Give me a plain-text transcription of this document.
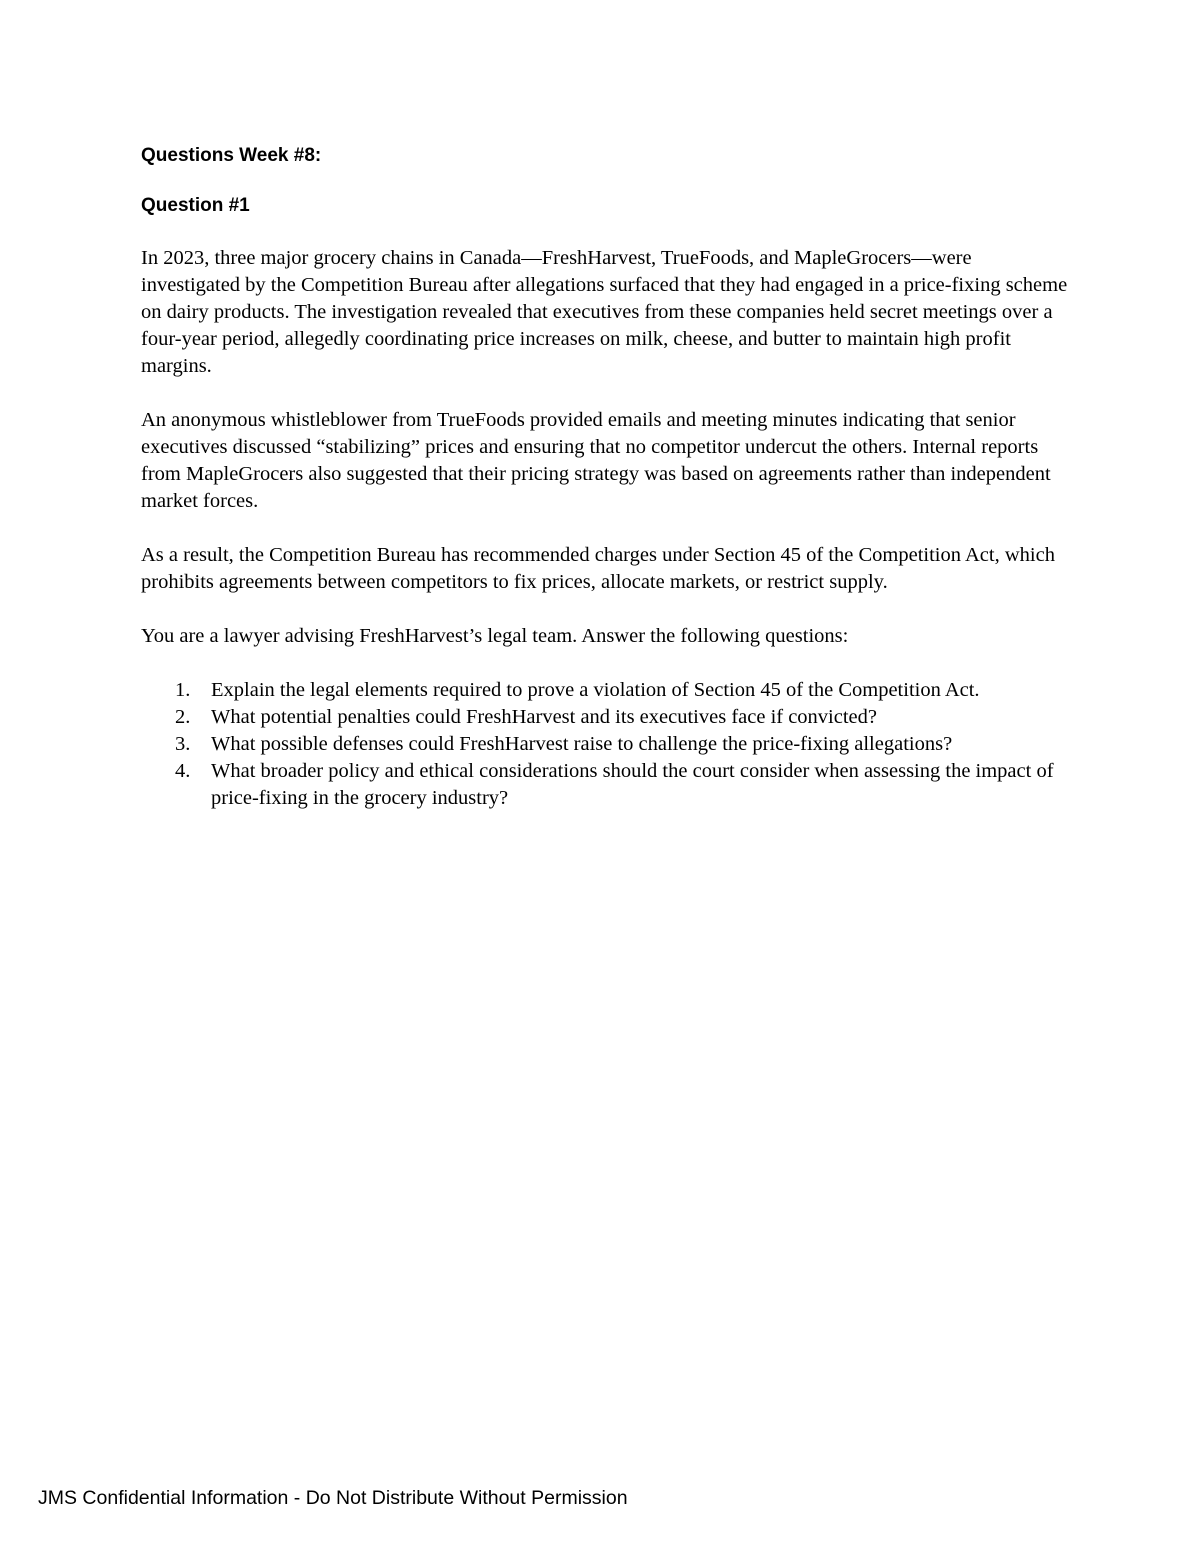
Questions Week #8:

Question #1

In 2023, three major grocery chains in Canada—FreshHarvest, TrueFoods, and MapleGrocers—were investigated by the Competition Bureau after allegations surfaced that they had engaged in a price-fixing scheme on dairy products. The investigation revealed that executives from these companies held secret meetings over a four-year period, allegedly coordinating price increases on milk, cheese, and butter to maintain high profit margins.

An anonymous whistleblower from TrueFoods provided emails and meeting minutes indicating that senior executives discussed “stabilizing” prices and ensuring that no competitor undercut the others. Internal reports from MapleGrocers also suggested that their pricing strategy was based on agreements rather than independent market forces.

As a result, the Competition Bureau has recommended charges under Section 45 of the Competition Act, which prohibits agreements between competitors to fix prices, allocate markets, or restrict supply.

You are a lawyer advising FreshHarvest’s legal team. Answer the following questions:

1. Explain the legal elements required to prove a violation of Section 45 of the Competition Act.
2. What potential penalties could FreshHarvest and its executives face if convicted?
3. What possible defenses could FreshHarvest raise to challenge the price-fixing allegations?
4. What broader policy and ethical considerations should the court consider when assessing the impact of price-fixing in the grocery industry?

JMS Confidential Information - Do Not Distribute Without Permission
